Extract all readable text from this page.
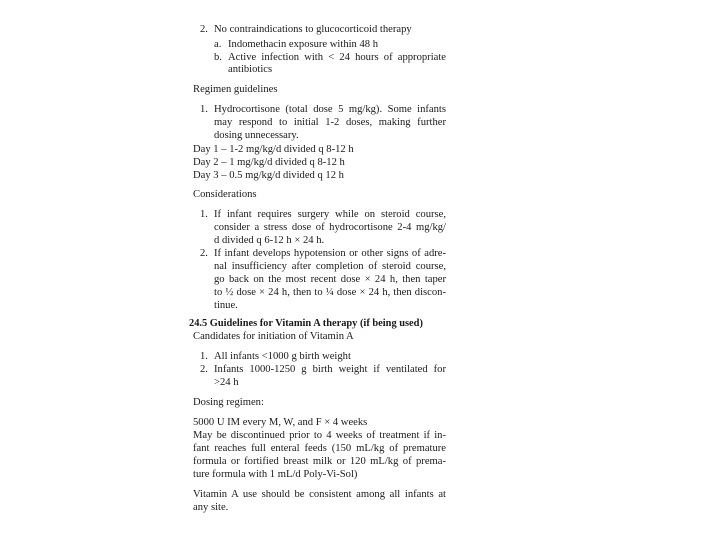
2. No contraindications to glucocorticoid therapy
a. Indomethacin exposure within 48 h
b. Active infection with < 24 hours of appropriate
antibiotics
Regimen guidelines
1. Hydrocortisone (total dose 5 mg/kg). Some infants
may respond to initial 1-2 doses, making further
dosing unnecessary.
Day 1 – 1-2 mg/kg/d divided q 8-12 h
Day 2 – 1 mg/kg/d divided q 8-12 h
Day 3 – 0.5 mg/kg/d divided q 12 h
Considerations
1. If infant requires surgery while on steroid course,
consider a stress dose of hydrocortisone 2-4 mg/kg/
d divided q 6-12 h × 24 h.
2. If infant develops hypotension or other signs of adre-
nal insufficiency after completion of steroid course,
go back on the most recent dose × 24 h, then taper
to ½ dose × 24 h, then to ¼ dose × 24 h, then discon-
tinue.
24.5 Guidelines for Vitamin A therapy (if being used)
Candidates for initiation of Vitamin A
1. All infants <1000 g birth weight
2. Infants 1000-1250 g birth weight if ventilated for
>24 h
Dosing regimen:
5000 U IM every M, W, and F × 4 weeks
May be discontinued prior to 4 weeks of treatment if in-
fant reaches full enteral feeds (150 mL/kg of premature
formula or fortified breast milk or 120 mL/kg of prema-
ture formula with 1 mL/d Poly-Vi-Sol)
Vitamin A use should be consistent among all infants at
any site.
